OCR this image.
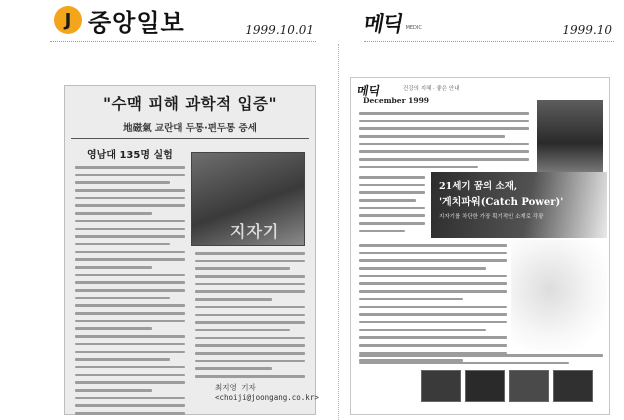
J 중앙일보	1999.10.01
"수맥 피해 과학적 입증"
地磁氣 교란대 두통·편두통 증세
영남대 135명 실험
지자기
최지영 기자
<choiji@joongang.co.kr>
메딕 MEDIC	1999.10
메딕	건강의 지혜 · 좋은 안내
December 1999
21세기 꿈의 소재,
'게치파워(Catch Power)'
지자기를 차단한 가장 획기적인 소재로 각광
